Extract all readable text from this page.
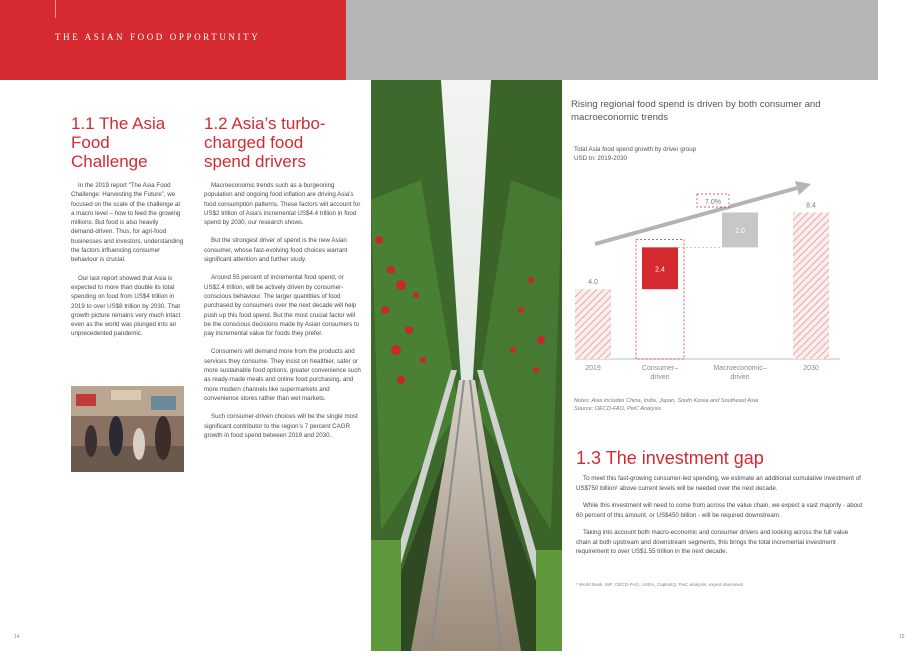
THE ASIAN FOOD OPPORTUNITY
1.1 The Asia Food Challenge
1.2 Asia’s turbo-charged food spend drivers

In the 2019 report “The Asia Food Challenge: Harvesting the Future”, we focused on the scale of the challenge at a macro level – how to feed the growing millions. But food is also heavily demand-driven. Thus, for agri-food businesses and investors, understanding the factors influencing consumer behaviour is crucial.

Our last report showed that Asia is expected to more than double its total spending on food from US$4 trillion in 2019 to over US$8 trillion by 2030. That growth picture remains very much intact even as the world was plunged into an unprecedented pandemic.

Macroeconomic trends such as a burgeoning population and ongoing food inflation are driving Asia’s food consumption patterns. These factors will account for US$2 trillion of Asia’s incremental US$4.4 trillion in food spend by 2030, our research shows.

But the strongest driver of spend is the new Asian consumer, whose fast-evolving food choices warrant significant attention and further study.

Around 55 percent of incremental food spend, or US$2.4 trillion, will be actively driven by consumer-conscious behaviour. The larger quantities of food purchased by consumers over the next decade will help push up this food spend. But the most crucial factor will be the conscious decisions made by Asian consumers to pay incremental value for foods they prefer.

Consumers will demand more from the products and services they consume. They insist on healthier, safer or more sustainable food options, greater convenience such as ready-made meals and online food purchasing, and more modern channels like supermarkets and convenience stores rather than wet markets.

Such consumer-driven choices will be the single most significant contributor to the region’s 7 percent CAGR growth in food spend between 2019 and 2030.

Rising regional food spend is driven by both consumer and macroeconomic trends
Total Asia food spend growth by driver group
USD tn: 2019-2030
4.0
2.4
2.0
8.4
7.0%
2019	Consumer–
driven
Macroeconomic–
driven
2030
Notes: Asia includes China, India, Japan, South Korea and Southeast Asia
Source: OECD-FAO, PwC Analysis
1.3 The investment gap

To meet this fast-growing consumer-led spending, we estimate an additional cumulative investment of US$750 billion¹ above current levels will be needed over the next decade.

While this investment will need to come from across the value chain, we expect a vast majority - about 60 percent of this amount, or US$450 billion - will be required downstream.

Taking into account both macro-economic and consumer drivers and looking across the full value chain at both upstream and downstream segments, this brings the total incremental investment requirement to over US$1.55 trillion in the next decade.

¹ World Bank, IMF, OECD-FAO, USDA, CapitalIQ, PwC analysis, expert interviews
14	15
